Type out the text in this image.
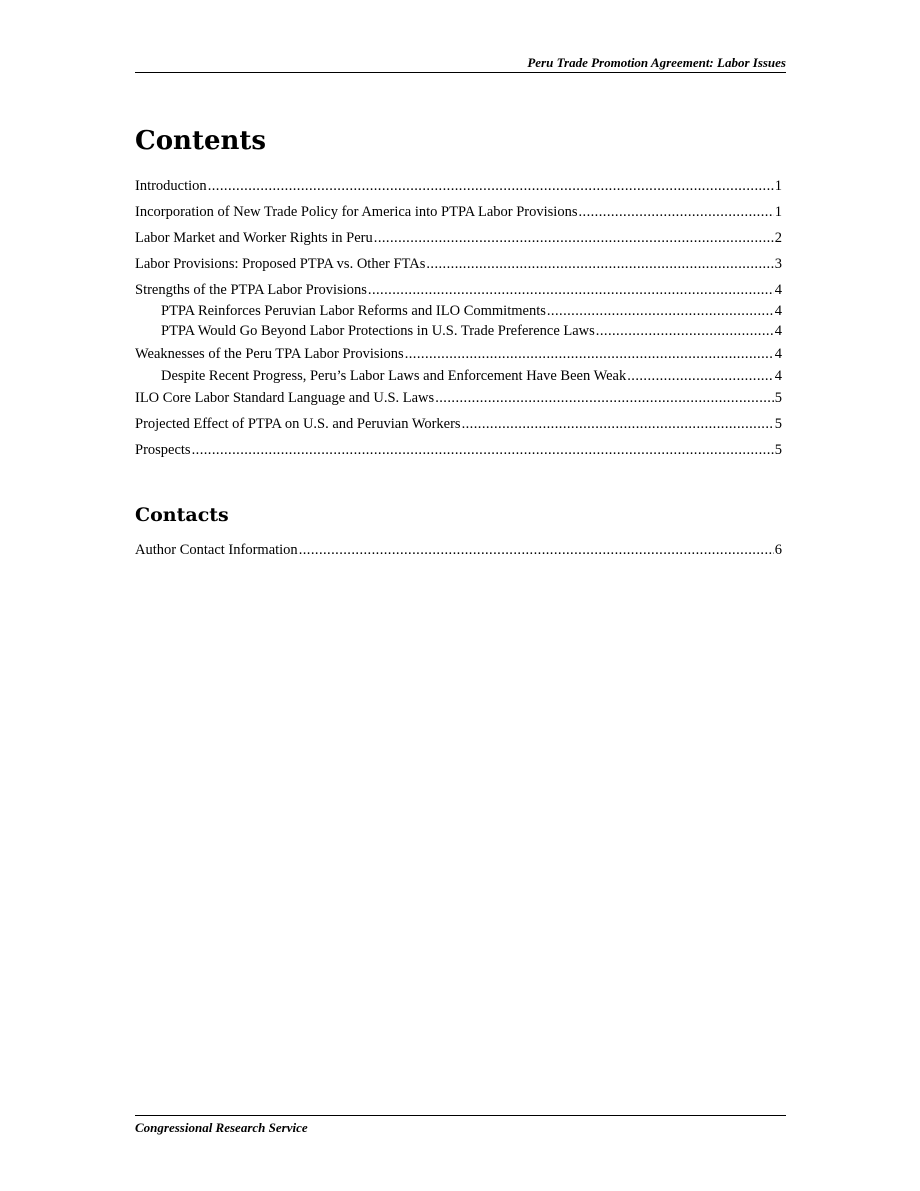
Peru Trade Promotion Agreement: Labor Issues
Contents
Introduction . . .	1
Incorporation of New Trade Policy for America into PTPA Labor Provisions . . .	1
Labor Market and Worker Rights in Peru . . .	2
Labor Provisions: Proposed PTPA vs. Other FTAs . . .	3
Strengths of the PTPA Labor Provisions . . .	4
PTPA Reinforces Peruvian Labor Reforms and ILO Commitments . . .	4
PTPA Would Go Beyond Labor Protections in U.S. Trade Preference Laws . . .	4
Weaknesses of the Peru TPA Labor Provisions . . .	4
Despite Recent Progress, Peru’s Labor Laws and Enforcement Have Been Weak . . .	4
ILO Core Labor Standard Language and U.S. Laws . . .	5
Projected Effect of PTPA on U.S. and Peruvian Workers . . .	5
Prospects . . .	5
Contacts
Author Contact Information . . .	6
Congressional Research Service
